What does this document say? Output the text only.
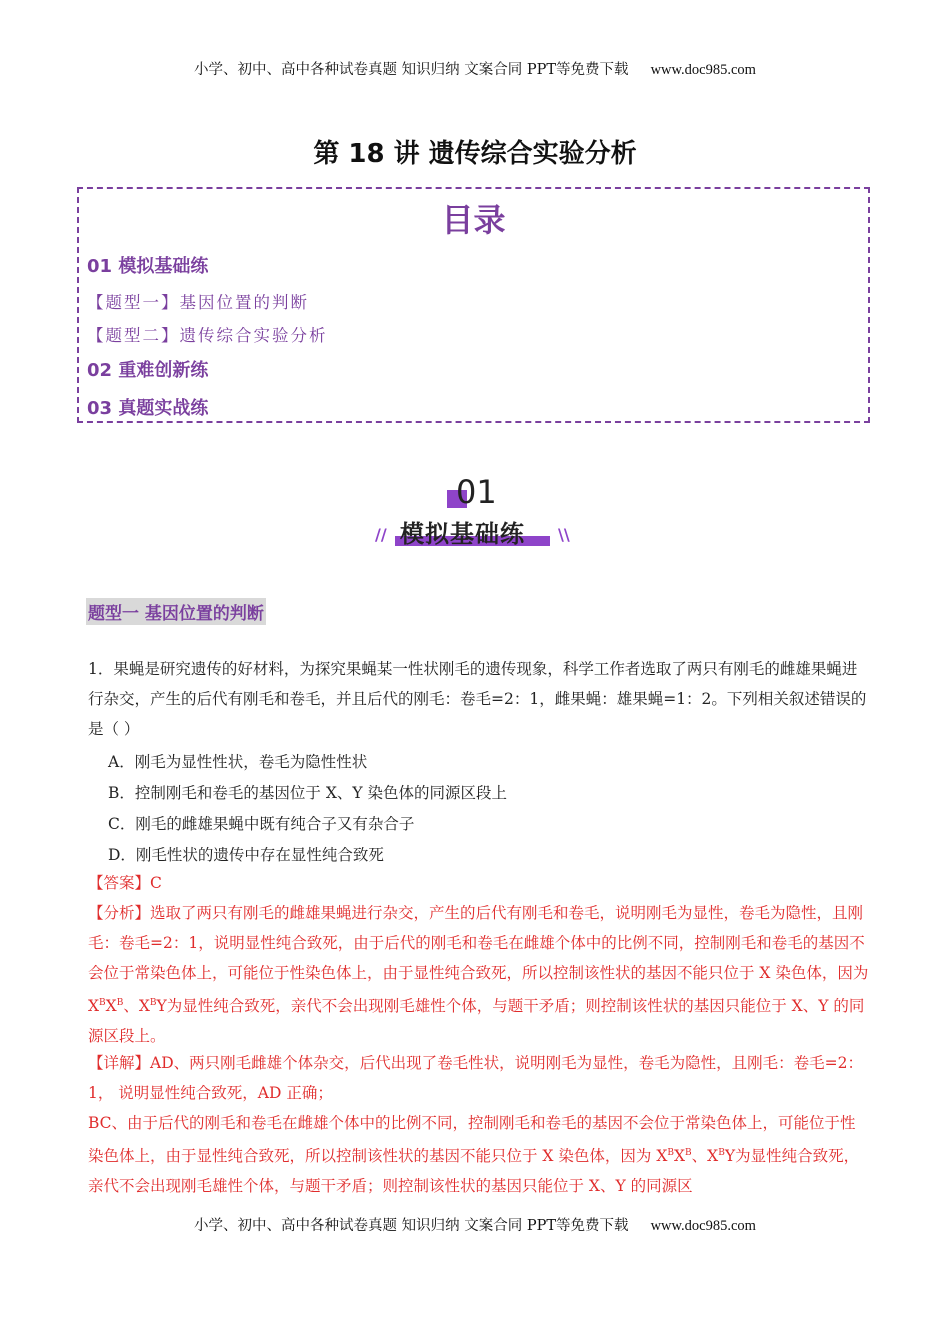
小学、初中、高中各种试卷真题 知识归纳 文案合同 PPT等免费下载 www.doc985.com
第 18 讲 遗传综合实验分析
目录
01 模拟基础练
【题型一】基因位置的判断
【题型二】遗传综合实验分析
02 重难创新练
03 真题实战练
01
模拟基础练
//	\\
题型一 基因位置的判断
1．果蝇是研究遗传的好材料，为探究果蝇某一性状刚毛的遗传现象，科学工作者选取了两只有刚毛的雌雄果蝇进行杂交，产生的后代有刚毛和卷毛，并且后代的刚毛：卷毛=2：1，雌果蝇：雄果蝇=1：2。下列相关叙述错误的是（ ）
A．刚毛为显性性状，卷毛为隐性性状
B．控制刚毛和卷毛的基因位于 X、Y 染色体的同源区段上
C．刚毛的雌雄果蝇中既有纯合子又有杂合子
D．刚毛性状的遗传中存在显性纯合致死
【答案】C
【分析】选取了两只有刚毛的雌雄果蝇进行杂交，产生的后代有刚毛和卷毛，说明刚毛为显性，卷毛为隐性，且刚毛：卷毛=2：1，说明显性纯合致死，由于后代的刚毛和卷毛在雌雄个体中的比例不同，控制刚毛和卷毛的基因不会位于常染色体上，可能位于性染色体上，由于显性纯合致死，所以控制该性状的基因不能只位于 X 染色体，因为 $X^BX^B$、$X^BY$为显性纯合致死，亲代不会出现刚毛雄性个体，与题干矛盾；则控制该性状的基因只能位于 X、Y 的同源区段上。
【详解】AD、两只刚毛雌雄个体杂交，后代出现了卷毛性状，说明刚毛为显性，卷毛为隐性，且刚毛：卷毛=2：1， 说明显性纯合致死，AD 正确；
BC、由于后代的刚毛和卷毛在雌雄个体中的比例不同，控制刚毛和卷毛的基因不会位于常染色体上，可能位于性染色体上，由于显性纯合致死，所以控制该性状的基因不能只位于 X 染色体，因为 $X^BX^B$、$X^BY$为显性纯合致死，亲代不会出现刚毛雄性个体，与题干矛盾；则控制该性状的基因只能位于 X、Y 的同源区
小学、初中、高中各种试卷真题 知识归纳 文案合同 PPT等免费下载 www.doc985.com
